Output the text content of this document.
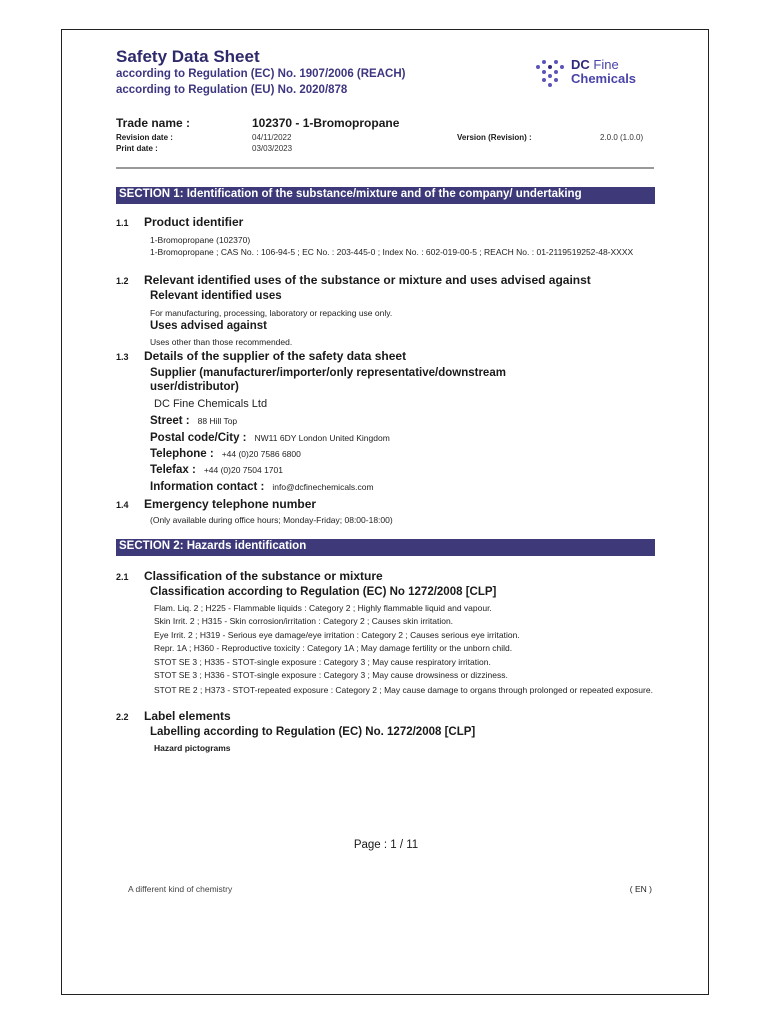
Safety Data Sheet
according to Regulation (EC) No. 1907/2006 (REACH)
according to Regulation (EU) No. 2020/878
DC Fine
Chemicals
Trade name :	102370 - 1-Bromopropane
Revision date :	04/11/2022
Print date :	03/03/2023
Version (Revision) :	2.0.0 (1.0.0)
SECTION 1: Identification of the substance/mixture and of the company/ undertaking
1.1 Product identifier
1-Bromopropane (102370)
1-Bromopropane ; CAS No. : 106-94-5 ; EC No. : 203-445-0 ; Index No. : 602-019-00-5 ; REACH No. : 01-2119519252-48-XXXX
1.2 Relevant identified uses of the substance or mixture and uses advised against
Relevant identified uses
For manufacturing, processing, laboratory or repacking use only.
Uses advised against
Uses other than those recommended.
1.3 Details of the supplier of the safety data sheet
Supplier (manufacturer/importer/only representative/downstream
user/distributor)
DC Fine Chemicals Ltd
Street : 88 Hill Top
Postal code/City : NW11 6DY London United Kingdom
Telephone : +44 (0)20 7586 6800
Telefax : +44 (0)20 7504 1701
Information contact : info@dcfinechemicals.com
1.4 Emergency telephone number
(Only available during office hours; Monday-Friday; 08:00-18:00)
SECTION 2: Hazards identification
2.1 Classification of the substance or mixture
Classification according to Regulation (EC) No 1272/2008 [CLP]
Flam. Liq. 2 ; H225 - Flammable liquids : Category 2 ; Highly flammable liquid and vapour.
Skin Irrit. 2 ; H315 - Skin corrosion/irritation : Category 2 ; Causes skin irritation.
Eye Irrit. 2 ; H319 - Serious eye damage/eye irritation : Category 2 ; Causes serious eye irritation.
Repr. 1A ; H360 - Reproductive toxicity : Category 1A ; May damage fertility or the unborn child.
STOT SE 3 ; H335 - STOT-single exposure : Category 3 ; May cause respiratory irritation.
STOT SE 3 ; H336 - STOT-single exposure : Category 3 ; May cause drowsiness or dizziness.
STOT RE 2 ; H373 - STOT-repeated exposure : Category 2 ; May cause damage to organs through prolonged or repeated exposure.
2.2 Label elements
Labelling according to Regulation (EC) No. 1272/2008 [CLP]
Hazard pictograms
Page : 1 / 11
A different kind of chemistry	( EN )
